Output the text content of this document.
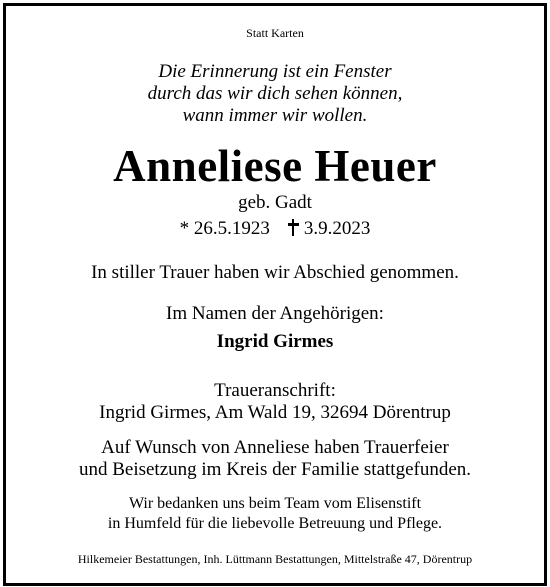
Statt Karten
Die Erinnerung ist ein Fenster
durch das wir dich sehen können,
wann immer wir wollen.
Anneliese Heuer
geb. Gadt
* 26.5.1923 3.9.2023
In stiller Trauer haben wir Abschied genommen.
Im Namen der Angehörigen:
Ingrid Girmes
Traueranschrift:
Ingrid Girmes, Am Wald 19, 32694 Dörentrup
Auf Wunsch von Anneliese haben Trauerfeier
und Beisetzung im Kreis der Familie stattgefunden.
Wir bedanken uns beim Team vom Elisenstift
in Humfeld für die liebevolle Betreuung und Pflege.
Hilkemeier Bestattungen, Inh. Lüttmann Bestattungen, Mittelstraße 47, Dörentrup
